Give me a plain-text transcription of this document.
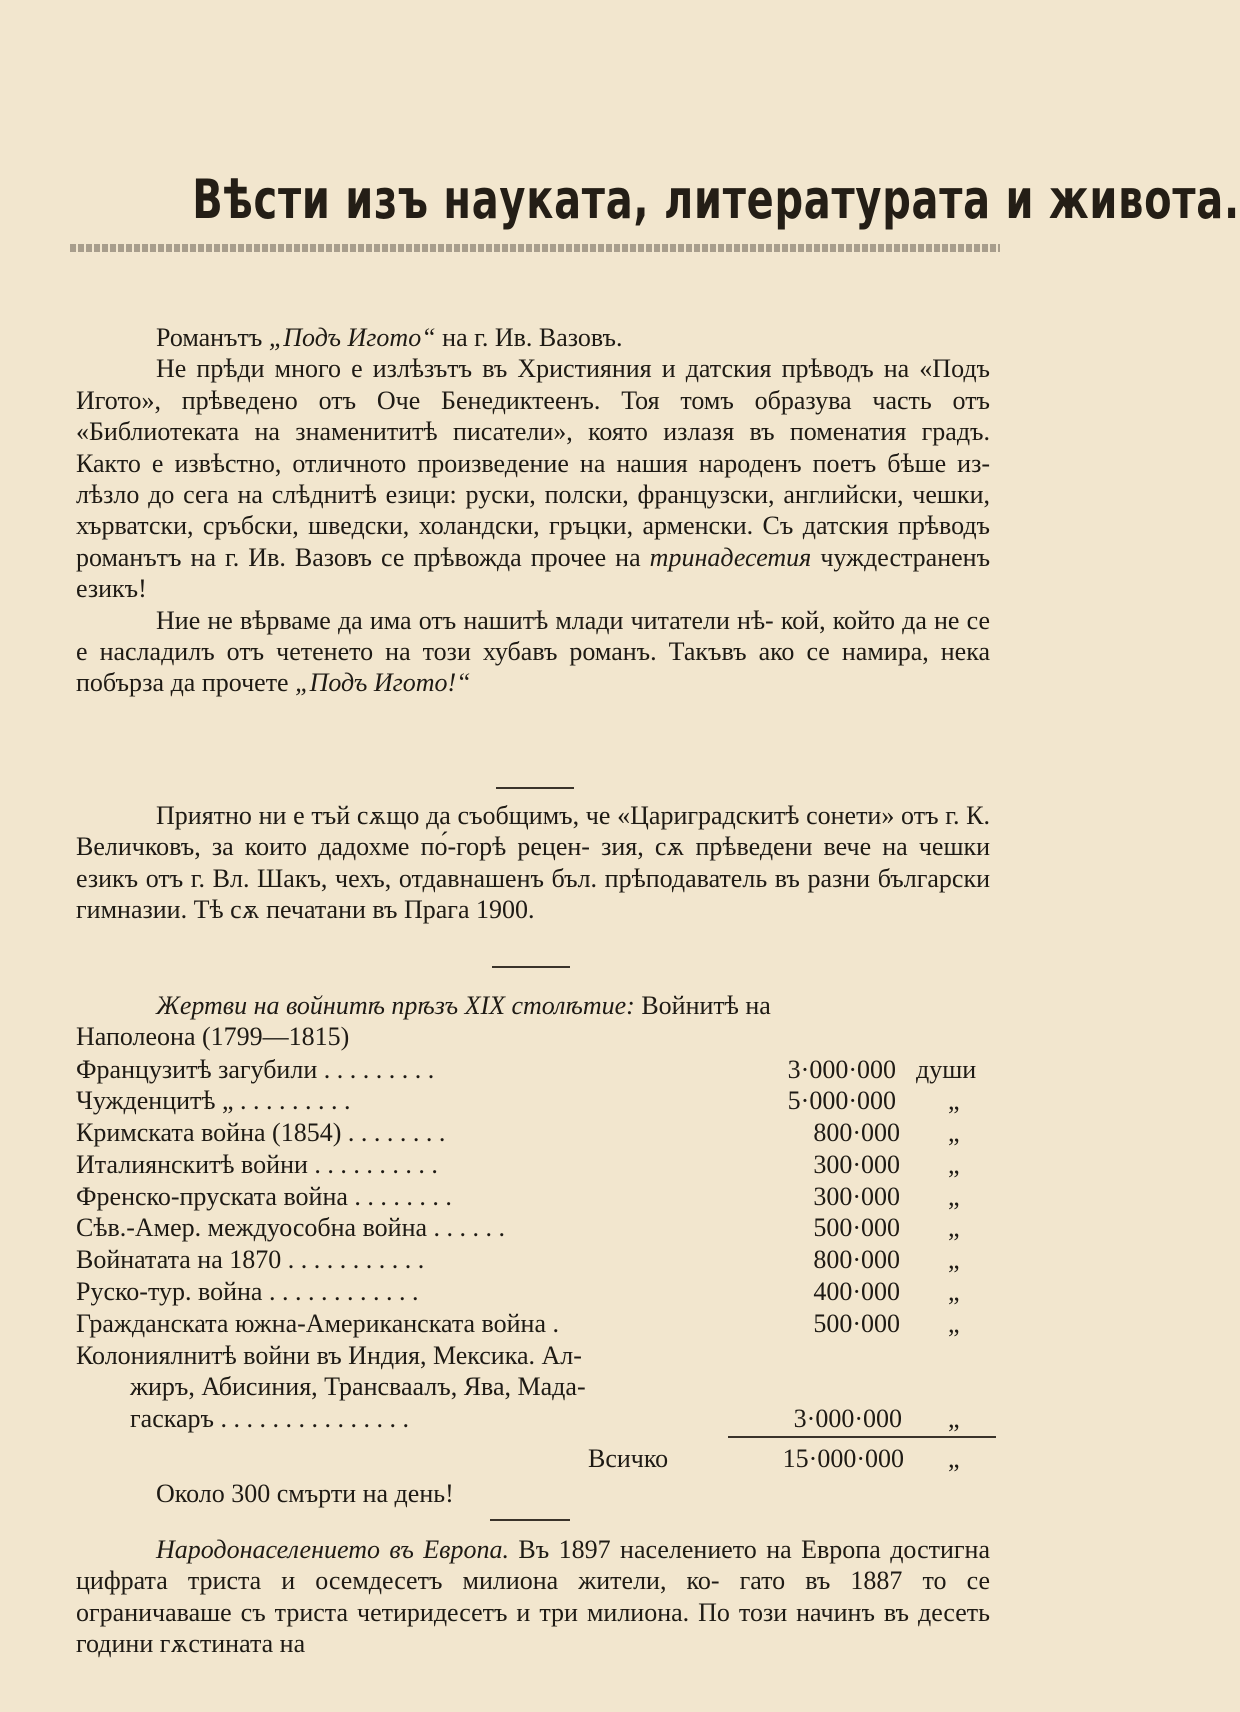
Вѣсти изъ науката, литературата и живота.

Романътъ „Подъ Игото“ на г. Ив. Вазовъ.

Не прѣди много е излѣзътъ въ Християния и датския прѣводъ на «Подъ Игото», прѣведено отъ Оче Бенедиктеенъ. Тоя томъ образува часть отъ «Библиотеката на знаменититѣ писатели», която излазя въ поменатия градъ. Както е извѣстно, отличното произведение на нашия народенъ поетъ бѣше из- лѣзло до сега на слѣднитѣ езици: руски, полски, французски, английски, чешки, хърватски, сръбски, шведски, холандски, гръцки, арменски. Съ датския прѣводъ романътъ на г. Ив. Вазовъ се прѣвожда прочее на тринадесетия чуждестраненъ езикъ!

Ние не вѣрваме да има отъ нашитѣ млади читатели нѣ- кой, който да не се е насладилъ отъ четенето на този хубавъ романъ. Такъвъ ако се намира, нека побърза да прочете „Подъ Игото!“

Приятно ни е тъй сѫщо да съобщимъ, че «Цариградскитѣ сонети» отъ г. К. Величковъ, за които дадохме по́-горѣ рецен- зия, сѫ прѣведени вече на чешки езикъ отъ г. Вл. Шакъ, чехъ, отдавнашенъ бъл. прѣподаватель въ разни български гимназии. Тѣ сѫ печатани въ Прага 1900.

Жертви на войнитѣ прѣзъ XIX столѣтие: Войнитѣ на

Наполеона (1799—1815)

Французитѣ загубили . . . . . . . . .	3·000·000 души
Чужденцитѣ „ . . . . . . . . .	5·000·000 „
Кримската война (1854) . . . . . . . .	800·000 „
Италиянскитѣ войни . . . . . . . . . .	300·000 „
Френско-пруската война . . . . . . . .	300·000 „
Сѣв.-Амер. междуособна война . . . . . .	500·000 „
Войнатата на 1870 . . . . . . . . . . .	800·000 „
Руско-тур. война . . . . . . . . . . . .	400·000 „
Гражданската южна-Американската война .	500·000 „
Колониялнитѣ войни въ Индия, Мексика. Ал-
жиръ, Абисиния, Трансваалъ, Ява, Мада-
гаскаръ . . . . . . . . . . . . . . .	3·000·000 „
Всичко	15·000·000 „
Около 300 смърти на день!

Народонаселението въ Европа. Въ 1897 населението на Европа достигна цифрата триста и осемдесетъ милиона жители, ко- гато въ 1887 то се ограничаваше съ триста четиридесетъ и три милиона. По този начинъ въ десеть години гѫстината на
